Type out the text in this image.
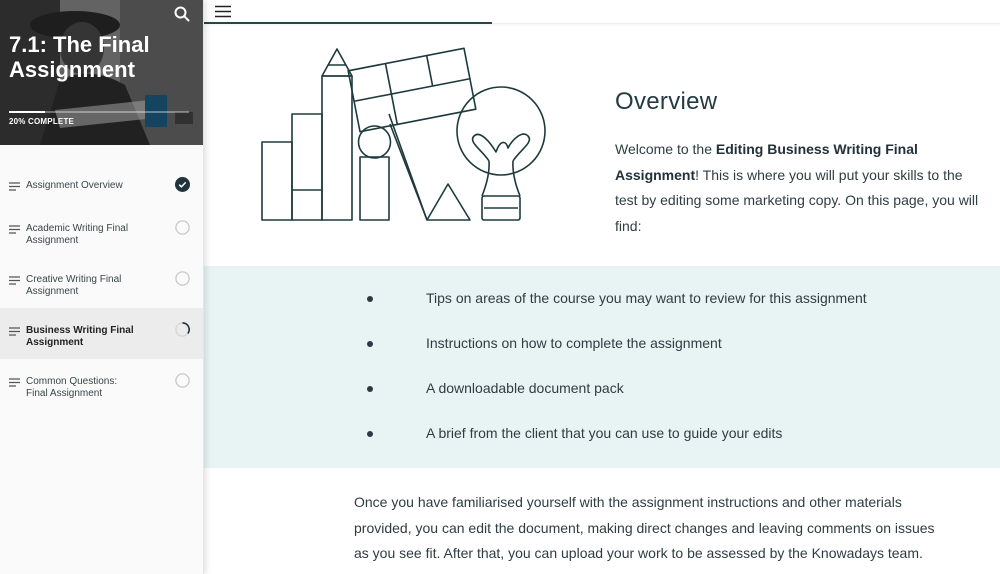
7.1: The Final Assignment
20% COMPLETE
Assignment Overview
Academic Writing Final Assignment
Creative Writing Final Assignment
Business Writing Final Assignment
Common Questions: Final Assignment
Overview

Welcome to the Editing Business Writing Final Assignment! This is where you will put your skills to the test by editing some marketing copy. On this page, you will find:

Tips on areas of the course you may want to review for this assignment
Instructions on how to complete the assignment
A downloadable document pack
A brief from the client that you can use to guide your edits

Once you have familiarised yourself with the assignment instructions and other materials provided, you can edit the document, making direct changes and leaving comments on issues as you see fit. After that, you can upload your work to be assessed by the Knowadays team.
